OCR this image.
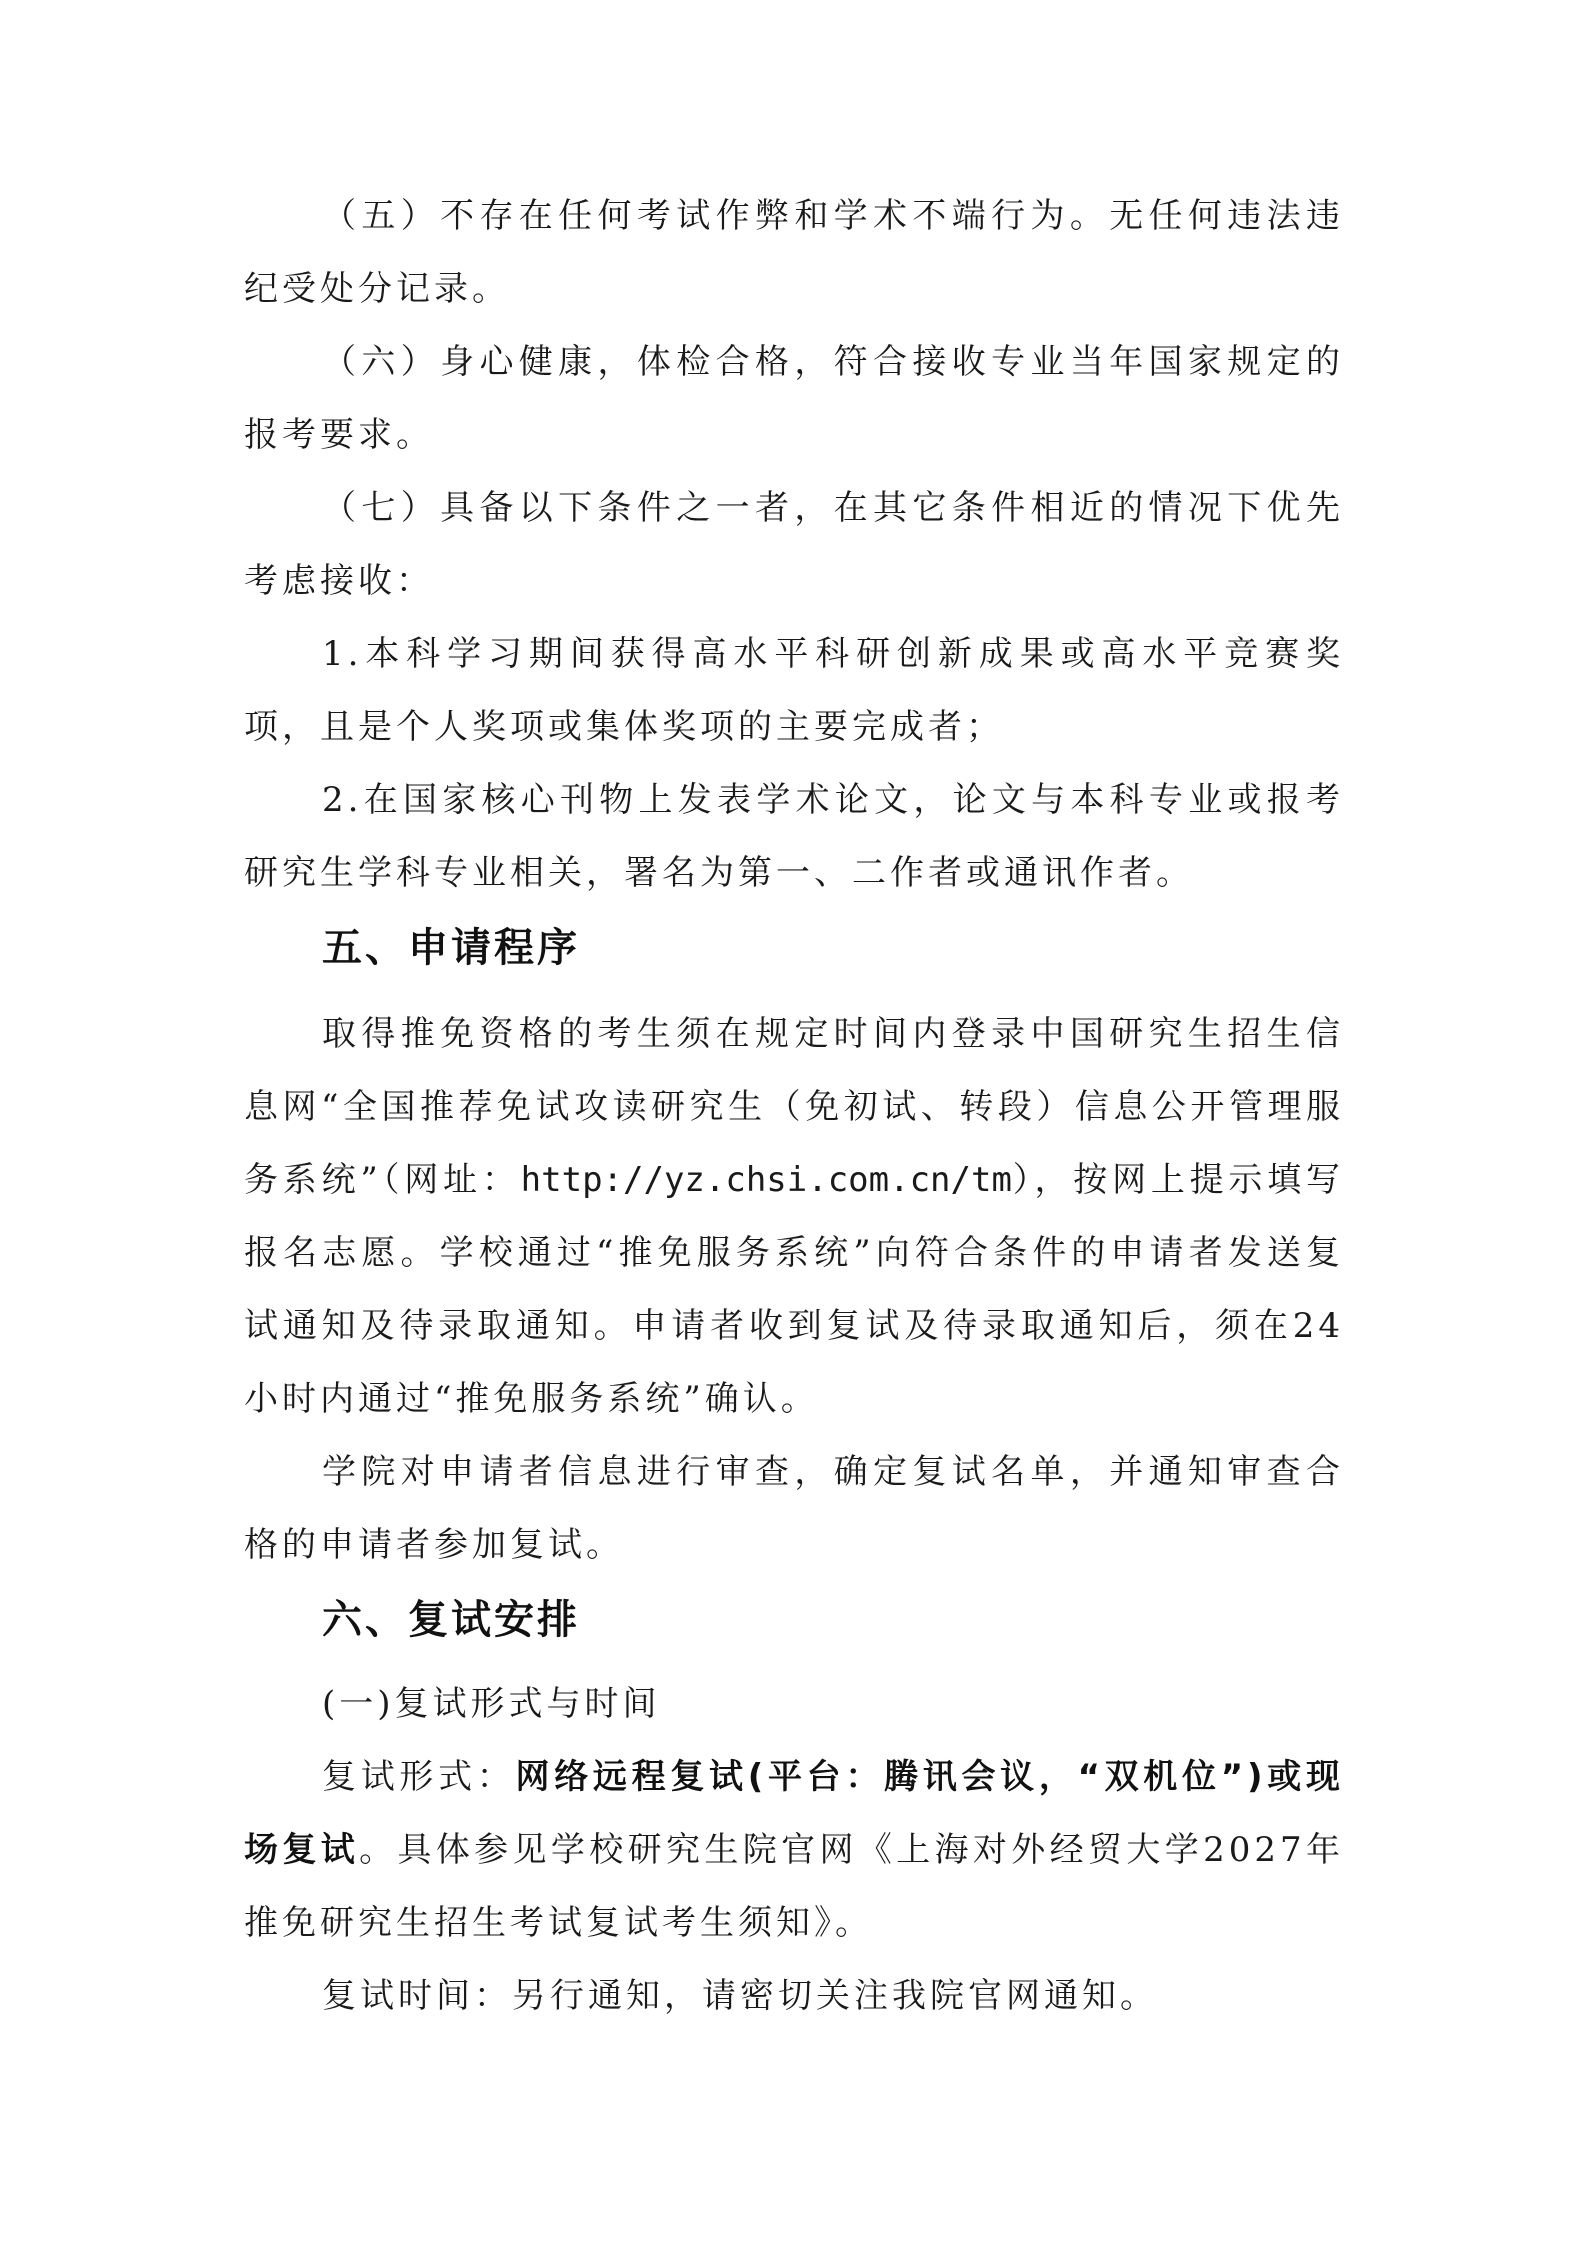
（五）不存在任何考试作弊和学术不端行为。无任何违法违纪受处分记录。

（六）身心健康，体检合格，符合接收专业当年国家规定的报考要求。

（七）具备以下条件之一者，在其它条件相近的情况下优先考虑接收：

1.本科学习期间获得高水平科研创新成果或高水平竞赛奖项，且是个人奖项或集体奖项的主要完成者；

2.在国家核心刊物上发表学术论文，论文与本科专业或报考研究生学科专业相关，署名为第一、二作者或通讯作者。

五、申请程序

取得推免资格的考生须在规定时间内登录中国研究生招生信息网“全国推荐免试攻读研究生（免初试、转段）信息公开管理服务系统”（网址：http://yz.chsi.com.cn/tm），按网上提示填写报名志愿。学校通过“推免服务系统”向符合条件的申请者发送复试通知及待录取通知。申请者收到复试及待录取通知后，须在24小时内通过“推免服务系统”确认。

学院对申请者信息进行审查，确定复试名单，并通知审查合格的申请者参加复试。

六、复试安排

(一)复试形式与时间

复试形式：网络远程复试(平台：腾讯会议，“双机位”)或现场复试。具体参见学校研究生院官网《上海对外经贸大学2027年推免研究生招生考试复试考生须知》。

复试时间：另行通知，请密切关注我院官网通知。
